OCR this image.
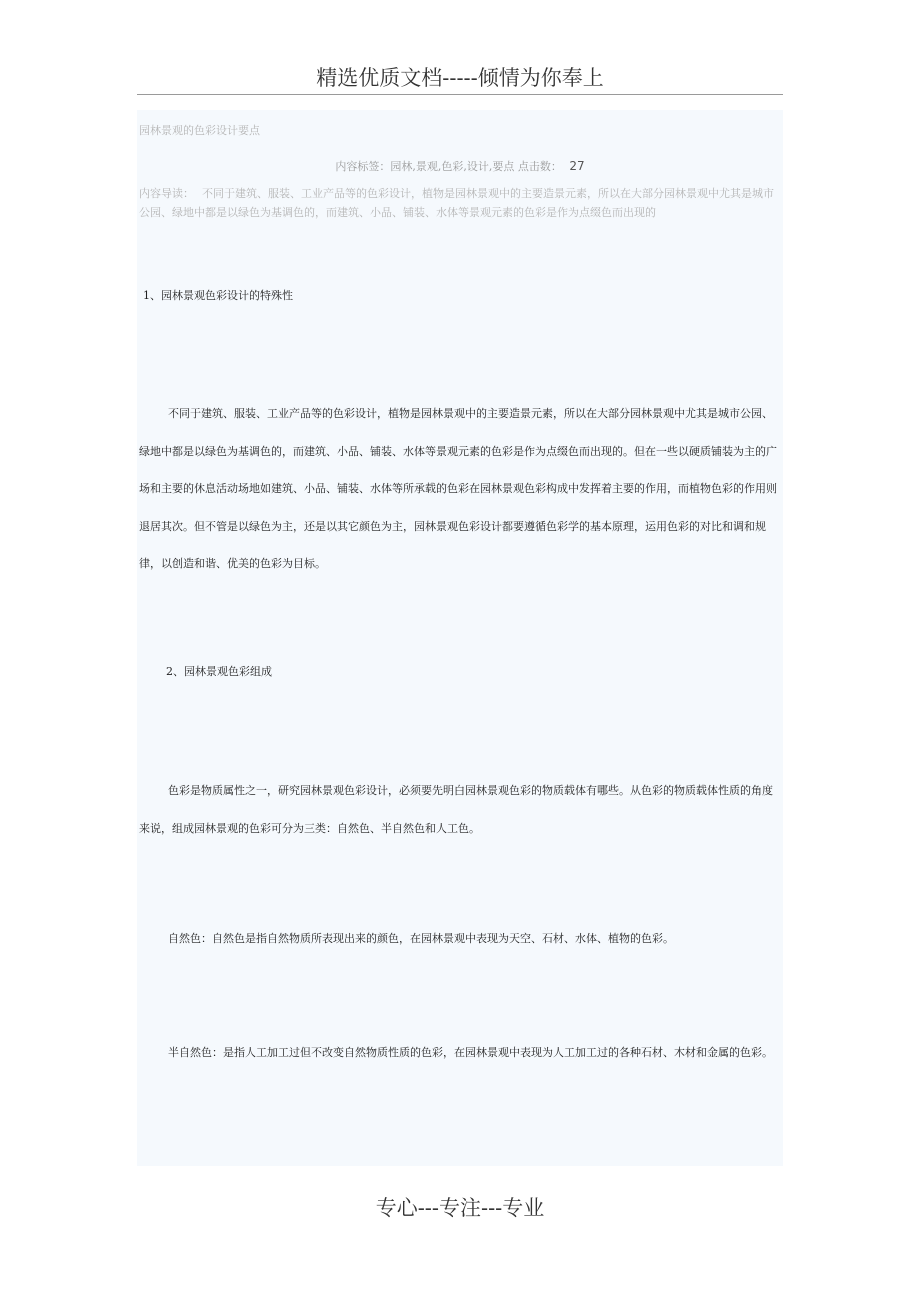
精选优质文档-----倾情为你奉上
园林景观的色彩设计要点
内容标签：园林,景观,色彩,设计,要点 点击数： 27
内容导读： 不同于建筑、服装、工业产品等的色彩设计，植物是园林景观中的主要造景元素，所以在大部分园林景观中尤其是城市公园、绿地中都是以绿色为基调色的，而建筑、小品、铺装、水体等景观元素的色彩是作为点缀色而出现的
1、园林景观色彩设计的特殊性
不同于建筑、服装、工业产品等的色彩设计，植物是园林景观中的主要造景元素，所以在大部分园林景观中尤其是城市公园、绿地中都是以绿色为基调色的，而建筑、小品、铺装、水体等景观元素的色彩是作为点缀色而出现的。但在一些以硬质铺装为主的广场和主要的休息活动场地如建筑、小品、铺装、水体等所承载的色彩在园林景观色彩构成中发挥着主要的作用，而植物色彩的作用则退居其次。但不管是以绿色为主，还是以其它颜色为主，园林景观色彩设计都要遵循色彩学的基本原理，运用色彩的对比和调和规律，以创造和谐、优美的色彩为目标。
2、园林景观色彩组成
色彩是物质属性之一，研究园林景观色彩设计，必须要先明白园林景观色彩的物质载体有哪些。从色彩的物质载体性质的角度来说，组成园林景观的色彩可分为三类：自然色、半自然色和人工色。
自然色：自然色是指自然物质所表现出来的颜色，在园林景观中表现为天空、石材、水体、植物的色彩。
半自然色：是指人工加工过但不改变自然物质性质的色彩，在园林景观中表现为人工加工过的各种石材、木材和金属的色彩。
专心---专注---专业
